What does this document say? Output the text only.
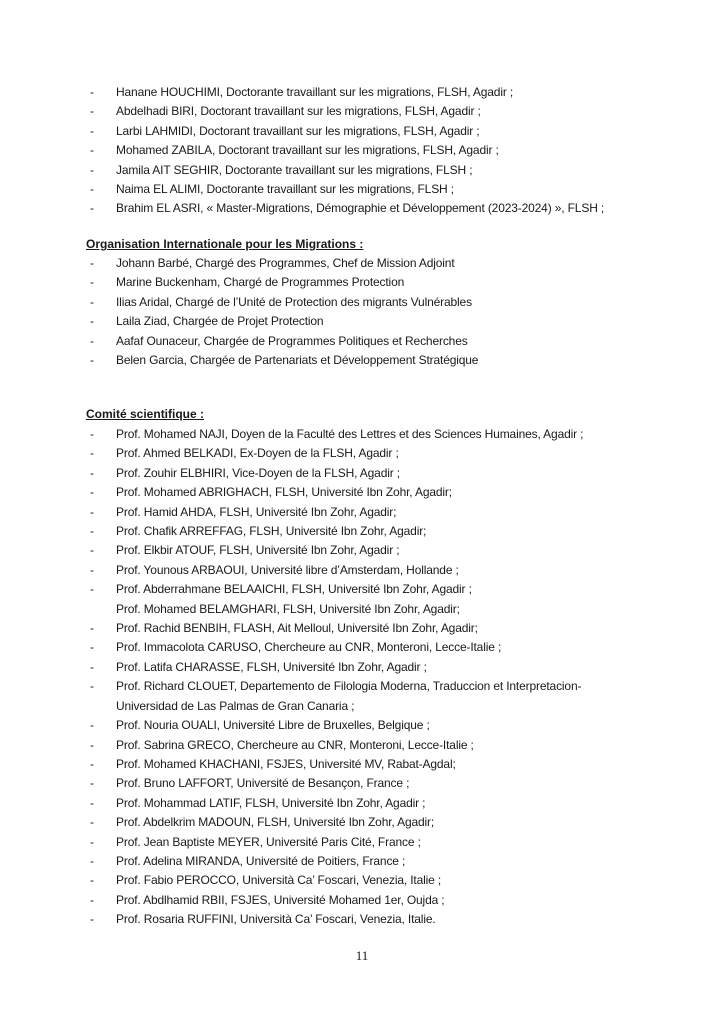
- Hanane HOUCHIMI, Doctorante travaillant sur les migrations, FLSH, Agadir ;
- Abdelhadi BIRI, Doctorant travaillant sur les migrations, FLSH, Agadir ;
- Larbi LAHMIDI, Doctorant travaillant sur les migrations, FLSH, Agadir ;
- Mohamed ZABILA, Doctorant travaillant sur les migrations, FLSH, Agadir ;
- Jamila AIT SEGHIR, Doctorante travaillant sur les migrations, FLSH ;
- Naima EL ALIMI, Doctorante travaillant sur les migrations, FLSH ;
- Brahim EL ASRI, « Master-Migrations, Démographie et Développement (2023-2024) », FLSH ;
Organisation Internationale pour les Migrations :
- Johann Barbé, Chargé des Programmes, Chef de Mission Adjoint
- Marine Buckenham, Chargé de Programmes Protection
- Ilias Aridal, Chargé de l’Unité de Protection des migrants Vulnérables
- Laila Ziad, Chargée de Projet Protection
- Aafaf Ounaceur, Chargée de Programmes Politiques et Recherches
- Belen Garcia, Chargée de Partenariats et Développement Stratégique
Comité scientifique :
- Prof. Mohamed NAJI, Doyen de la Faculté des Lettres et des Sciences Humaines, Agadir ;
- Prof. Ahmed BELKADI, Ex-Doyen de la FLSH, Agadir ;
- Prof. Zouhir ELBHIRI, Vice-Doyen de la FLSH, Agadir ;
- Prof. Mohamed ABRIGHACH, FLSH, Université Ibn Zohr, Agadir;
- Prof. Hamid AHDA, FLSH, Université Ibn Zohr, Agadir;
- Prof. Chafik ARREFFAG, FLSH, Université Ibn Zohr, Agadir;
- Prof. Elkbir ATOUF, FLSH, Université Ibn Zohr, Agadir ;
- Prof. Younous ARBAOUI, Université libre d’Amsterdam, Hollande ;
- Prof. Abderrahmane BELAAICHI, FLSH, Université Ibn Zohr, Agadir ;
Prof. Mohamed BELAMGHARI, FLSH, Université Ibn Zohr, Agadir;
- Prof. Rachid BENBIH, FLASH, Ait Melloul, Université Ibn Zohr, Agadir;
- Prof. Immacolota CARUSO, Chercheure au CNR, Monteroni, Lecce-Italie ;
- Prof. Latifa CHARASSE, FLSH, Université Ibn Zohr, Agadir ;
- Prof. Richard CLOUET, Departemento de Filologia Moderna, Traduccion et Interpretacion-
Universidad de Las Palmas de Gran Canaria ;
- Prof. Nouria OUALI, Université Libre de Bruxelles, Belgique ;
- Prof. Sabrina GRECO, Chercheure au CNR, Monteroni, Lecce-Italie ;
- Prof. Mohamed KHACHANI, FSJES, Université MV, Rabat-Agdal;
- Prof. Bruno LAFFORT, Université de Besançon, France ;
- Prof. Mohammad LATIF, FLSH, Université Ibn Zohr, Agadir ;
- Prof. Abdelkrim MADOUN, FLSH, Université Ibn Zohr, Agadir;
- Prof. Jean Baptiste MEYER, Université Paris Cité, France ;
- Prof. Adelina MIRANDA, Université de Poitiers, France ;
- Prof. Fabio PEROCCO, Università Ca’ Foscari, Venezia, Italie ;
- Prof. Abdlhamid RBII, FSJES, Université Mohamed 1er, Oujda ;
- Prof. Rosaria RUFFINI, Università Ca’ Foscari, Venezia, Italie.
11
